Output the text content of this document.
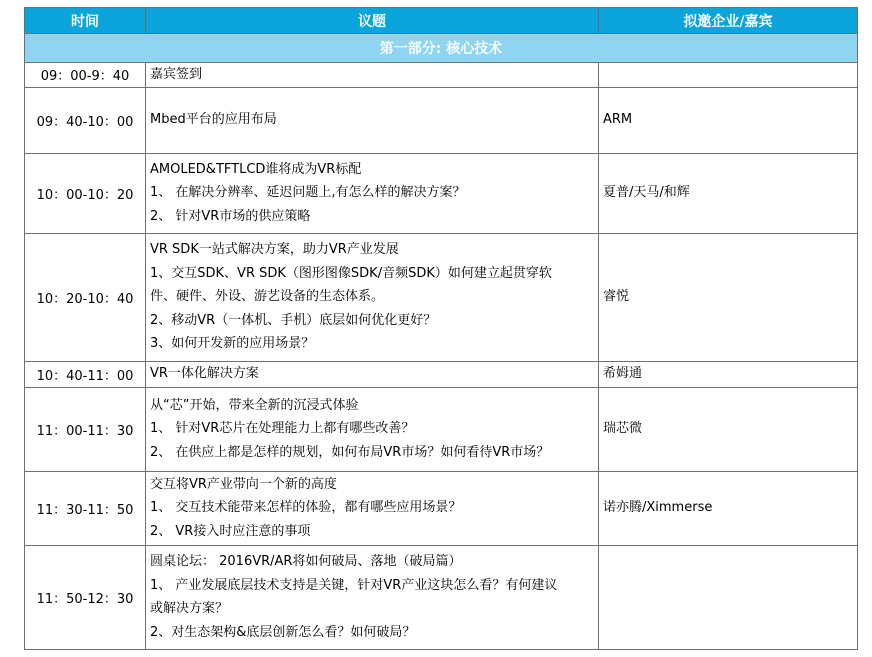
时间	议题	拟邀企业/嘉宾
第一部分: 核心技术		
09：00-9：40	嘉宾签到	

09：40-10：00	Mbed平台的应用布局	ARM
10：00-10：20	AMOLED&TFTLCD谁将成为VR标配
1、 在解决分辨率、延迟问题上,有怎么样的解决方案？
2、 针对VR市场的供应策略	夏普/天马/和辉
10：20-10：40	VR SDK一站式解决方案，助力VR产业发展
1、交互SDK、VR SDK（图形图像SDK/音频SDK）如何建立起贯穿软
件、硬件、外设、游艺设备的生态体系。
2、移动VR（一体机、手机）底层如何优化更好？
3、如何开发新的应用场景？	睿悦
10：40-11：00	VR一体化解决方案	希姆通
11：00-11：30	从“芯”开始，带来全新的沉浸式体验
1、 针对VR芯片在处理能力上都有哪些改善？
2、 在供应上都是怎样的规划，如何布局VR市场？如何看待VR市场？	瑞芯微
11：30-11：50	交互将VR产业带向一个新的高度
1、 交互技术能带来怎样的体验，都有哪些应用场景？
2、 VR接入时应注意的事项	诺亦腾/Ximmerse
11：50-12：30	圆桌论坛： 2016VR/AR将如何破局、落地（破局篇）
1、 产业发展底层技术支持是关键，针对VR产业这块怎么看？有何建议
或解决方案？
2、对生态架构&底层创新怎么看？如何破局？	
